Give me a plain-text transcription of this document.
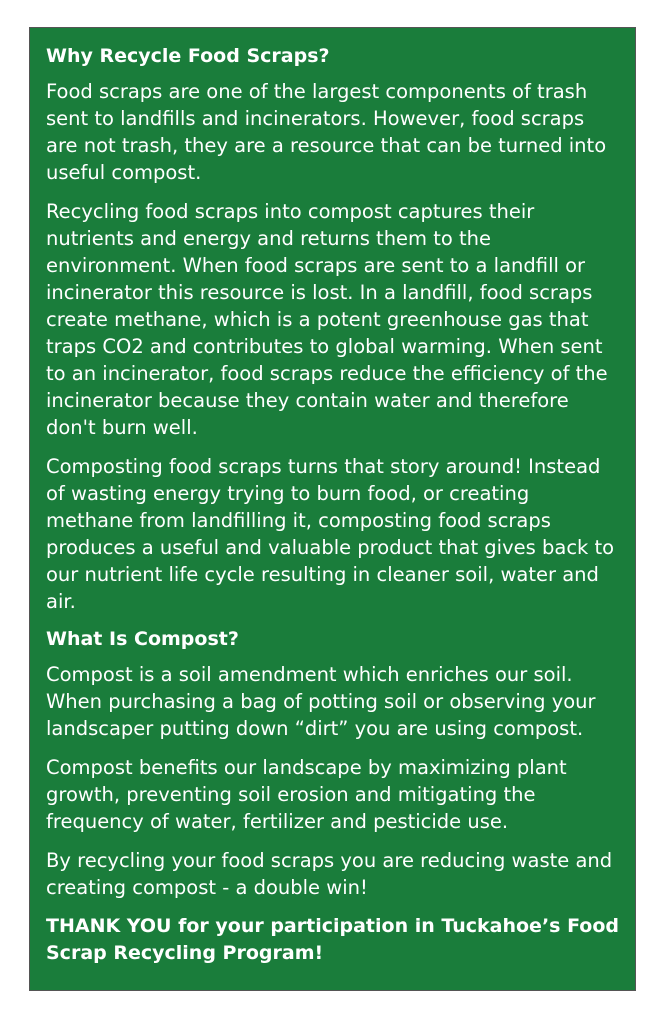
Why Recycle Food Scraps?

Food scraps are one of the largest components of trash sent to landfills and incinerators. However, food scraps are not trash, they are a resource that can be turned into useful compost.

Recycling food scraps into compost captures their nutrients and energy and returns them to the environment. When food scraps are sent to a landfill or incinerator this resource is lost. In a landfill, food scraps create methane, which is a potent greenhouse gas that traps CO2 and contributes to global warming. When sent to an incinerator, food scraps reduce the efficiency of the incinerator because they contain water and therefore don't burn well.

Composting food scraps turns that story around! Instead of wasting energy trying to burn food, or creating methane from landfilling it, composting food scraps produces a useful and valuable product that gives back to our nutrient life cycle resulting in cleaner soil, water and air.

What Is Compost?

Compost is a soil amendment which enriches our soil. When purchasing a bag of potting soil or observing your landscaper putting down “dirt” you are using compost.

Compost benefits our landscape by maximizing plant growth, preventing soil erosion and mitigating the frequency of water, fertilizer and pesticide use.

By recycling your food scraps you are reducing waste and creating compost - a double win!

THANK YOU for your participation in Tuckahoe’s Food Scrap Recycling Program!
